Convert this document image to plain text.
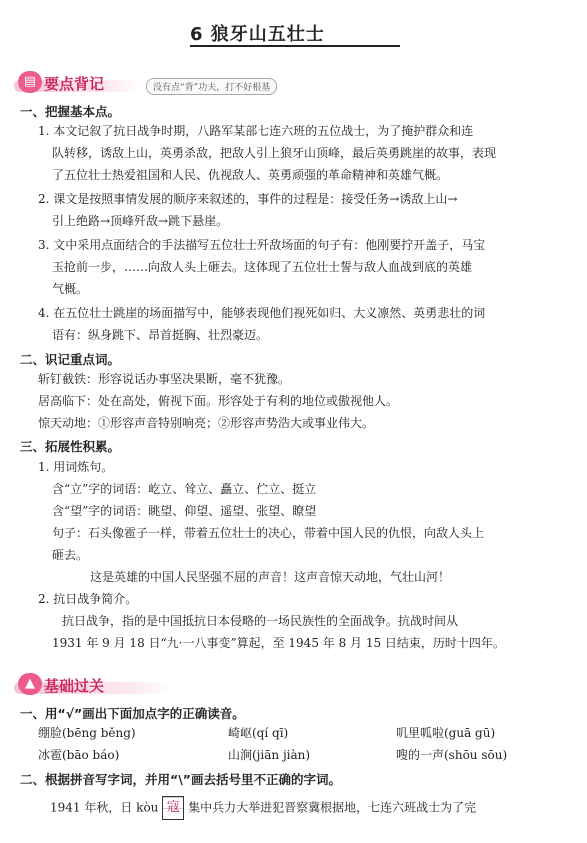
6 狼牙山五壮士
▤ 要点背记	没有点“背”功夫，打不好根基
一、把握基本点。
1. 本文记叙了抗日战争时期，八路军某部七连六班的五位战士，为了掩护群众和连
队转移，诱敌上山，英勇杀敌，把敌人引上狼牙山顶峰，最后英勇跳崖的故事，表现
了五位壮士热爱祖国和人民、仇视敌人、英勇顽强的革命精神和英雄气概。
2. 课文是按照事情发展的顺序来叙述的，事件的过程是：接受任务→诱敌上山→
引上绝路→顶峰歼敌→跳下悬崖。
3. 文中采用点面结合的手法描写五位壮士歼敌场面的句子有：他刚要拧开盖子，马宝
玉抢前一步，……向敌人头上砸去。这体现了五位壮士誓与敌人血战到底的英雄
气概。
4. 在五位壮士跳崖的场面描写中，能够表现他们视死如归、大义凛然、英勇悲壮的词
语有：纵身跳下、昂首挺胸、壮烈豪迈。
二、识记重点词。
斩钉截铁：形容说话办事坚决果断，毫不犹豫。
居高临下：处在高处，俯视下面。形容处于有利的地位或傲视他人。
惊天动地：①形容声音特别响亮；②形容声势浩大或事业伟大。
三、拓展性积累。
1. 用词炼句。
含“立”字的词语：屹立、耸立、矗立、伫立、挺立
含“望”字的词语：眺望、仰望、遥望、张望、瞭望
句子：石头像雹子一样，带着五位壮士的决心，带着中国人民的仇恨，向敌人头上
砸去。
这是英雄的中国人民坚强不屈的声音！这声音惊天动地，气壮山河！
2. 抗日战争简介。
抗日战争，指的是中国抵抗日本侵略的一场民族性的全面战争。抗战时间从
1931 年 9 月 18 日“九·一八事变”算起，至 1945 年 8 月 15 日结束，历时十四年。
▲ 基础过关
一、用“√”画出下面加点字的正确读音。
绷脸(bēng běng)	崎岖(qí qī)	叽里呱啦(guā gū)
冰雹(bāo báo)	山涧(jiān jiàn)	嗖的一声(shōu sōu)
二、根据拼音写字词，并用“\”画去括号里不正确的字词。
1941 年秋，日 kòu 寇 集中兵力大举进犯晋察冀根据地，七连六班战士为了完
